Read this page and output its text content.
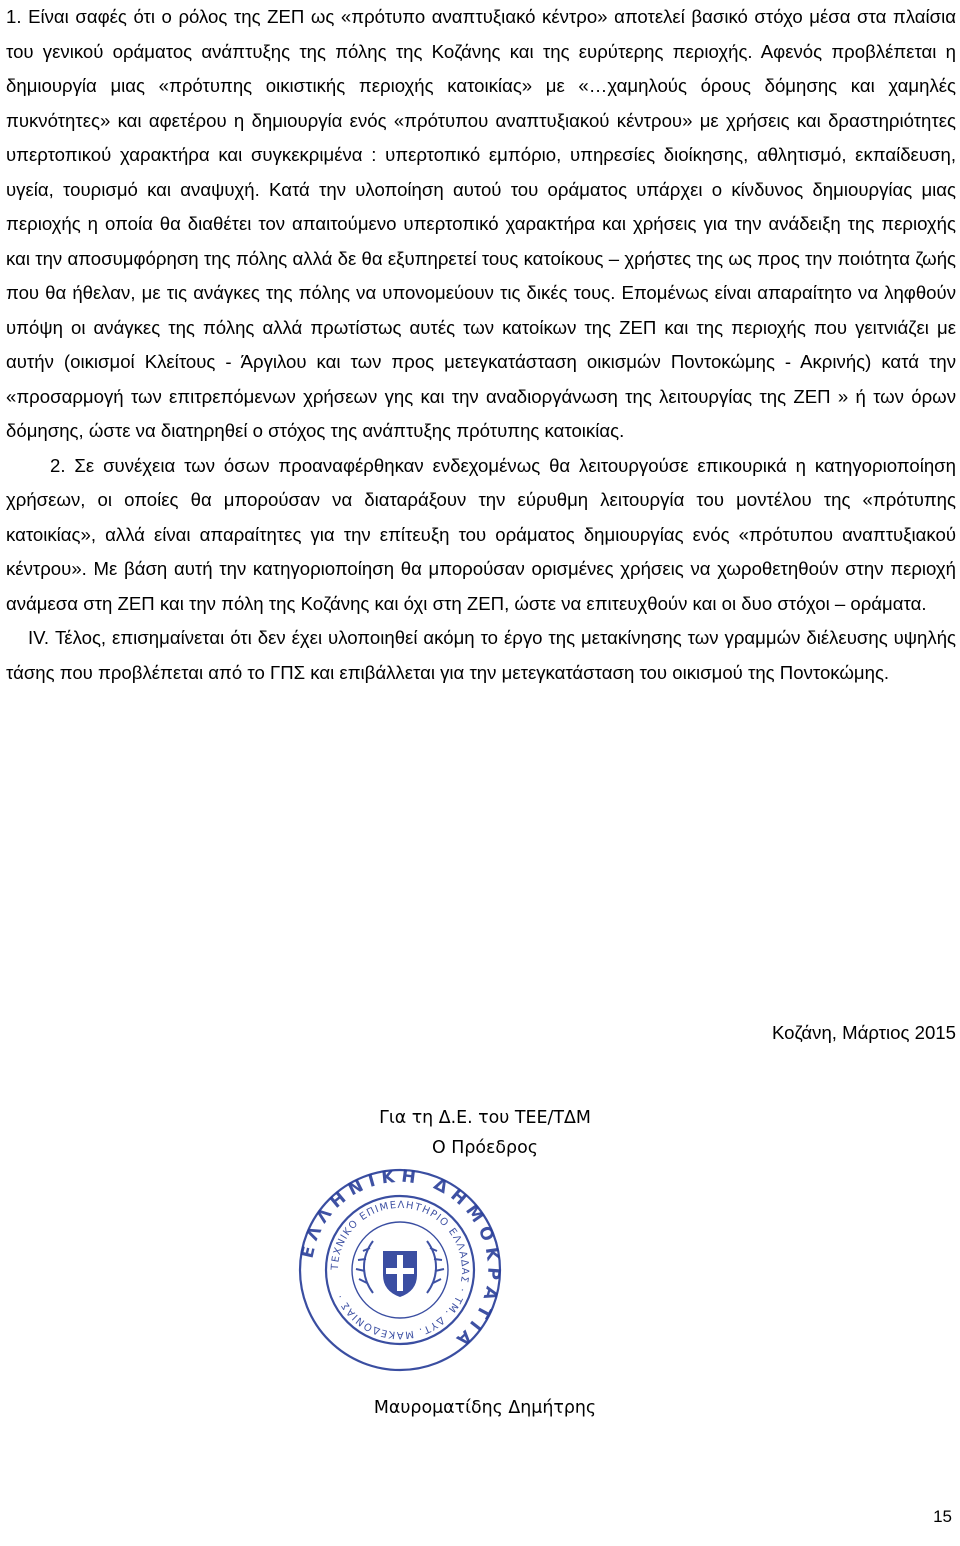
1. Είναι σαφές ότι ο ρόλος της ΖΕΠ ως «πρότυπο αναπτυξιακό κέντρο» αποτελεί βασικό στόχο μέσα στα πλαίσια του γενικού οράματος ανάπτυξης της πόλης της Κοζάνης και της ευρύτερης περιοχής. Αφενός προβλέπεται η δημιουργία μιας «πρότυπης οικιστικής περιοχής κατοικίας» με «…χαμηλούς όρους δόμησης και χαμηλές πυκνότητες» και αφετέρου η δημιουργία ενός «πρότυπου αναπτυξιακού κέντρου» με χρήσεις και δραστηριότητες υπερτοπικού χαρακτήρα και συγκεκριμένα : υπερτοπικό εμπόριο, υπηρεσίες διοίκησης, αθλητισμό, εκπαίδευση, υγεία, τουρισμό και αναψυχή. Κατά την υλοποίηση αυτού του οράματος υπάρχει ο κίνδυνος δημιουργίας μιας περιοχής η οποία θα διαθέτει τον απαιτούμενο υπερτοπικό χαρακτήρα και χρήσεις για την ανάδειξη της περιοχής και την αποσυμφόρηση της πόλης αλλά δε θα εξυπηρετεί τους κατοίκους – χρήστες της ως προς την ποιότητα ζωής που θα ήθελαν, με τις ανάγκες της πόλης να υπονομεύουν τις δικές τους. Επομένως είναι απαραίτητο να ληφθούν υπόψη οι ανάγκες της πόλης αλλά πρωτίστως αυτές των κατοίκων της ΖΕΠ και της περιοχής που γειτνιάζει με αυτήν (οικισμοί Κλείτους - Άργιλου και των προς μετεγκατάσταση οικισμών Ποντοκώμης - Ακρινής) κατά την «προσαρμογή των επιτρεπόμενων χρήσεων γης και την αναδιοργάνωση της λειτουργίας της ΖΕΠ » ή των όρων δόμησης, ώστε να διατηρηθεί ο στόχος της ανάπτυξης πρότυπης κατοικίας.

2. Σε συνέχεια των όσων προαναφέρθηκαν ενδεχομένως θα λειτουργούσε επικουρικά η κατηγοριοποίηση χρήσεων, οι οποίες θα μπορούσαν να διαταράξουν την εύρυθμη λειτουργία του μοντέλου της «πρότυπης κατοικίας», αλλά είναι απαραίτητες για την επίτευξη του οράματος δημιουργίας ενός «πρότυπου αναπτυξιακού κέντρου». Με βάση αυτή την κατηγοριοποίηση θα μπορούσαν ορισμένες χρήσεις να χωροθετηθούν στην περιοχή ανάμεσα στη ΖΕΠ και την πόλη της Κοζάνης και όχι στη ΖΕΠ, ώστε να επιτευχθούν και οι δυο στόχοι – οράματα.

IV. Τέλος, επισημαίνεται ότι δεν έχει υλοποιηθεί ακόμη το έργο της μετακίνησης των γραμμών διέλευσης υψηλής τάσης που προβλέπεται από το ΓΠΣ και επιβάλλεται για την μετεγκατάσταση του οικισμού της Ποντοκώμης.

Κοζάνη, Μάρτιος 2015
Για τη Δ.Ε. του ΤΕΕ/ΤΔΜ
Ο Πρόεδρος
ΕΛΛΗΝΙΚΗ ΔΗΜΟΚΡΑΤΙΑ
ΤΕΧΝΙΚΟ ΕΠΙΜΕΛΗΤΗΡΙΟ ΕΛΛΑΔΑΣ · ΤΜ. ΔΥΤ. ΜΑΚΕΔΟΝΙΑΣ ·
Μαυροματίδης Δημήτρης
15
